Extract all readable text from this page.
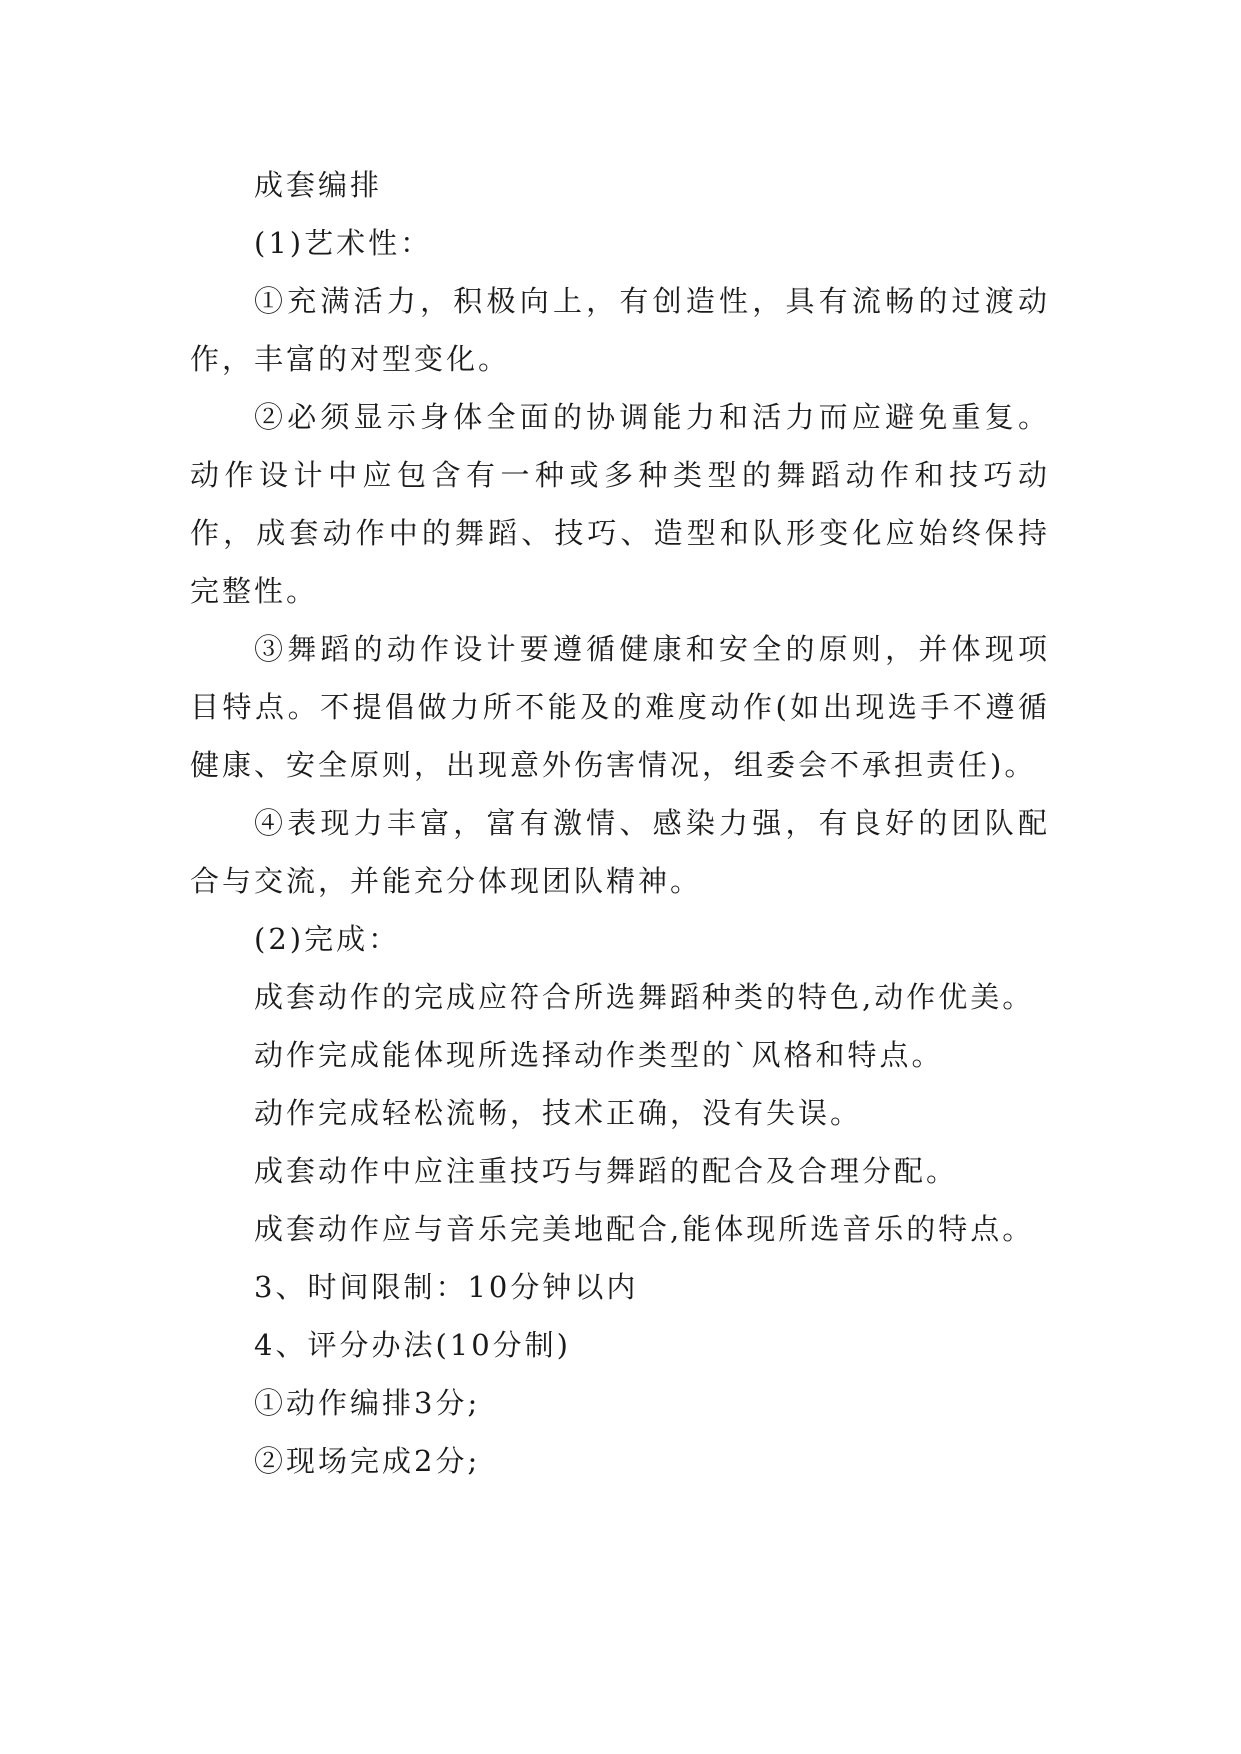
成套编排

(1)艺术性：

①充满活力，积极向上，有创造性，具有流畅的过渡动作，丰富的对型变化。

②必须显示身体全面的协调能力和活力而应避免重复。动作设计中应包含有一种或多种类型的舞蹈动作和技巧动作，成套动作中的舞蹈、技巧、造型和队形变化应始终保持完整性。

③舞蹈的动作设计要遵循健康和安全的原则，并体现项目特点。不提倡做力所不能及的难度动作(如出现选手不遵循健康、安全原则，出现意外伤害情况，组委会不承担责任)。

④表现力丰富，富有激情、感染力强，有良好的团队配合与交流，并能充分体现团队精神。

(2)完成：

成套动作的完成应符合所选舞蹈种类的特色,动作优美。

动作完成能体现所选择动作类型的`风格和特点。

动作完成轻松流畅，技术正确，没有失误。

成套动作中应注重技巧与舞蹈的配合及合理分配。

成套动作应与音乐完美地配合,能体现所选音乐的特点。

3、时间限制：10分钟以内

4、评分办法(10分制)

①动作编排3分;

②现场完成2分;
